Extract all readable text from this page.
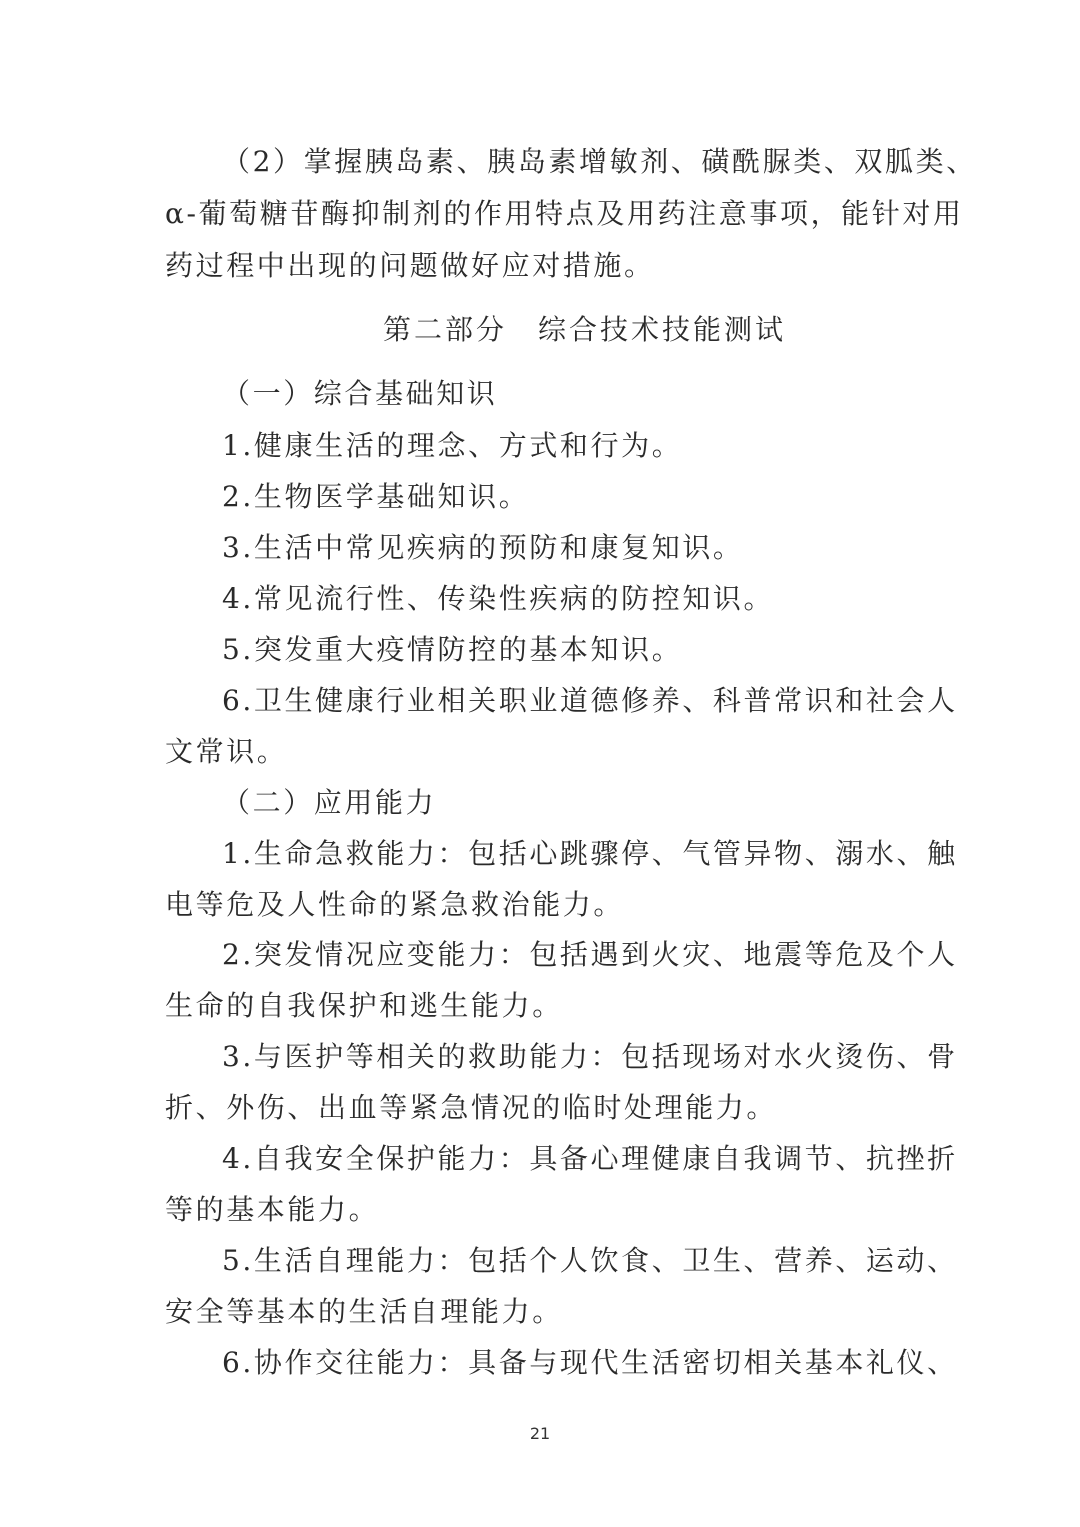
（2）掌握胰岛素、胰岛素增敏剂、磺酰脲类、双胍类、
α-葡萄糖苷酶抑制剂的作用特点及用药注意事项，能针对用
药过程中出现的问题做好应对措施。
第二部分　综合技术技能测试
（一）综合基础知识
1.健康生活的理念、方式和行为。
2.生物医学基础知识。
3.生活中常见疾病的预防和康复知识。
4.常见流行性、传染性疾病的防控知识。
5.突发重大疫情防控的基本知识。
6.卫生健康行业相关职业道德修养、科普常识和社会人
文常识。
（二）应用能力
1.生命急救能力：包括心跳骤停、气管异物、溺水、触
电等危及人性命的紧急救治能力。
2.突发情况应变能力：包括遇到火灾、地震等危及个人
生命的自我保护和逃生能力。
3.与医护等相关的救助能力：包括现场对水火烫伤、骨
折、外伤、出血等紧急情况的临时处理能力。
4.自我安全保护能力：具备心理健康自我调节、抗挫折
等的基本能力。
5.生活自理能力：包括个人饮食、卫生、营养、运动、
安全等基本的生活自理能力。
6.协作交往能力：具备与现代生活密切相关基本礼仪、
21
